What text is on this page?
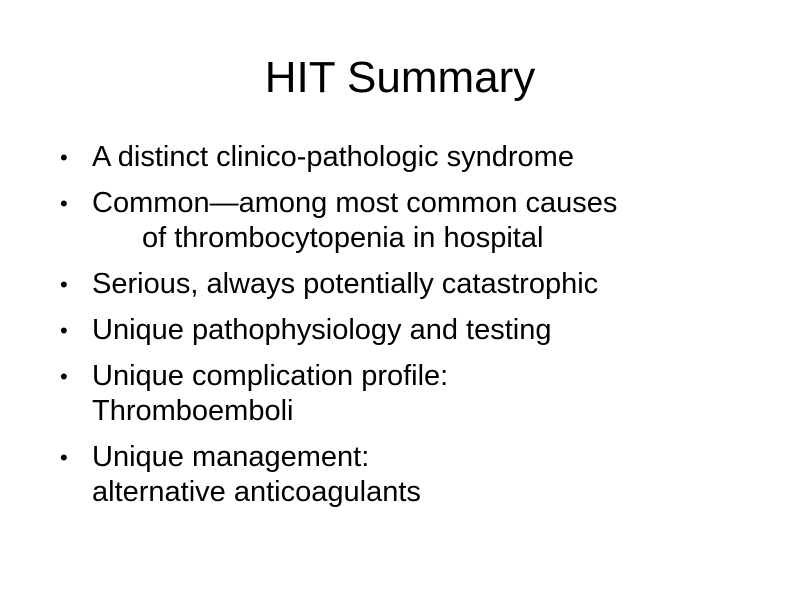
HIT Summary
• A distinct clinico-pathologic syndrome
• Common—among most common causes
of thrombocytopenia in hospital
• Serious, always potentially catastrophic
• Unique pathophysiology and testing
• Unique complication profile:
Thromboemboli
• Unique management:
alternative anticoagulants
